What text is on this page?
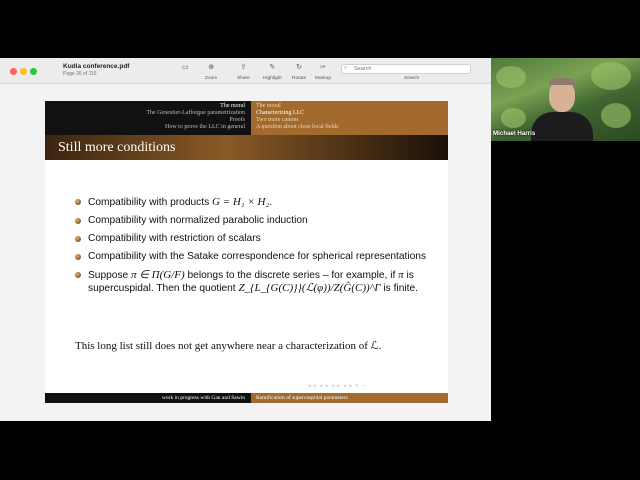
Kudla conference.pdf
Page 26 of 116
▭	⊕
Zoom
⇪
Share
✎
Highlight
↻
Rotate
✑
Markup
Search
⌕
Search
The moral
The Genestier-Lafforgue parametrization
Proofs
How to prove the LLC in general
The moral
Characterizing LLC
Two more canons
A question about close local fields
Still more conditions
Compatibility with products G = H₁ × H₂.
Compatibility with normalized parabolic induction
Compatibility with restriction of scalars
Compatibility with the Satake correspondence for spherical representations
Suppose π ∈ Π(G/F) belongs to the discrete series – for example, if π is supercuspidal. Then the quotient Z_{L_{G(C)}}(ℒ(φ))/Z(Ĝ(C))^Γ is finite.
This long list still does not get anywhere near a characterization of ℒ.
◂ ▸ ◂ ▸ ◂ ▸ ◂ ▸ ≡ ∽
work in progress with Gan and Sawin	Ramification of supercuspidal parameters
Michael Harris
